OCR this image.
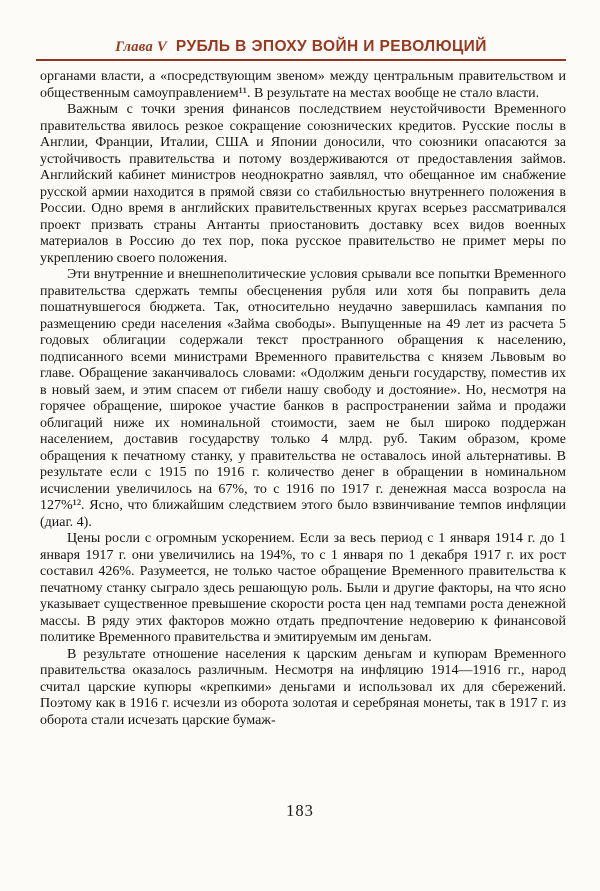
Глава V РУБЛЬ В ЭПОХУ ВОЙН И РЕВОЛЮЦИЙ

органами власти, а «посредствующим звеном» между центральным правительством и общественным самоуправлением¹¹. В результате на местах вообще не стало власти.

Важным с точки зрения финансов последствием неустойчивости Временного правительства явилось резкое сокращение союзнических кредитов. Русские послы в Англии, Франции, Италии, США и Японии доносили, что союзники опасаются за устойчивость правительства и потому воздерживаются от предоставления займов. Английский кабинет министров неоднократно заявлял, что обещанное им снабжение русской армии находится в прямой связи со стабильностью внутреннего положения в России. Одно время в английских правительственных кругах всерьез рассматривался проект призвать страны Антанты приостановить доставку всех видов военных материалов в Россию до тех пор, пока русское правительство не примет меры по укреплению своего положения.

Эти внутренние и внешнеполитические условия срывали все попытки Временного правительства сдержать темпы обесценения рубля или хотя бы поправить дела пошатнувшегося бюджета. Так, относительно неудачно завершилась кампания по размещению среди населения «Займа свободы». Выпущенные на 49 лет из расчета 5 годовых облигации содержали текст пространного обращения к населению, подписанного всеми министрами Временного правительства с князем Львовым во главе. Обращение заканчивалось словами: «Одолжим деньги государству, поместив их в новый заем, и этим спасем от гибели нашу свободу и достояние». Но, несмотря на горячее обращение, широкое участие банков в распространении займа и продажи облигаций ниже их номинальной стоимости, заем не был широко поддержан населением, доставив государству только 4 млрд. руб. Таким образом, кроме обращения к печатному станку, у правительства не оставалось иной альтернативы. В результате если с 1915 по 1916 г. количество денег в обращении в номинальном исчислении увеличилось на 67%, то с 1916 по 1917 г. денежная масса возросла на 127%¹². Ясно, что ближайшим следствием этого было взвинчивание темпов инфляции (диаг. 4).

Цены росли с огромным ускорением. Если за весь период с 1 января 1914 г. до 1 января 1917 г. они увеличились на 194%, то с 1 января по 1 декабря 1917 г. их рост составил 426%. Разумеется, не только частое обращение Временного правительства к печатному станку сыграло здесь решающую роль. Были и другие факторы, на что ясно указывает существенное превышение скорости роста цен над темпами роста денежной массы. В ряду этих факторов можно отдать предпочтение недоверию к финансовой политике Временного правительства и эмитируемым им деньгам.

В результате отношение населения к царским деньгам и купюрам Временного правительства оказалось различным. Несмотря на инфляцию 1914—1916 гг., народ считал царские купюры «крепкими» деньгами и использовал их для сбережений. Поэтому как в 1916 г. исчезли из оборота золотая и серебряная монеты, так в 1917 г. из оборота стали исчезать царские бумаж-

183
